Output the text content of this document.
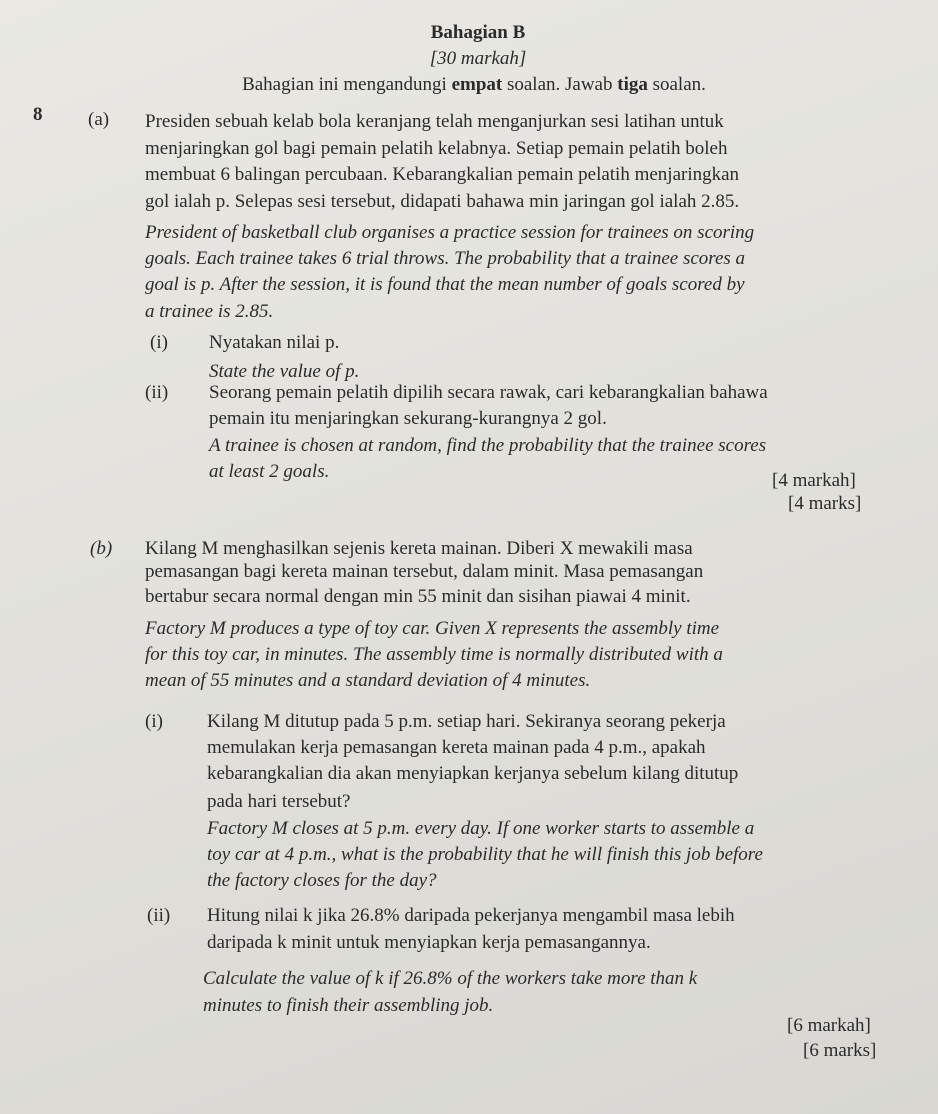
Bahagian B
[30 markah]
Bahagian ini mengandungi empat soalan. Jawab tiga soalan.
8 (a) Presiden sebuah kelab bola keranjang telah menganjurkan sesi latihan untuk
menjaringkan gol bagi pemain pelatih kelabnya. Setiap pemain pelatih boleh
membuat 6 balingan percubaan. Kebarangkalian pemain pelatih menjaringkan
gol ialah p. Selepas sesi tersebut, didapati bahawa min jaringan gol ialah 2.85.
President of basketball club organises a practice session for trainees on scoring
goals. Each trainee takes 6 trial throws. The probability that a trainee scores a
goal is p. After the session, it is found that the mean number of goals scored by
a trainee is 2.85.
(i) Nyatakan nilai p.
State the value of p.
(ii) Seorang pemain pelatih dipilih secara rawak, cari kebarangkalian bahawa
pemain itu menjaringkan sekurang-kurangnya 2 gol.
A trainee is chosen at random, find the probability that the trainee scores
at least 2 goals.	[4 markah]
[4 marks]
(b) Kilang M menghasilkan sejenis kereta mainan. Diberi X mewakili masa
pemasangan bagi kereta mainan tersebut, dalam minit. Masa pemasangan
bertabur secara normal dengan min 55 minit dan sisihan piawai 4 minit.
Factory M produces a type of toy car. Given X represents the assembly time
for this toy car, in minutes. The assembly time is normally distributed with a
mean of 55 minutes and a standard deviation of 4 minutes.
(i) Kilang M ditutup pada 5 p.m. setiap hari. Sekiranya seorang pekerja
memulakan kerja pemasangan kereta mainan pada 4 p.m., apakah
kebarangkalian dia akan menyiapkan kerjanya sebelum kilang ditutup
pada hari tersebut?
Factory M closes at 5 p.m. every day. If one worker starts to assemble a
toy car at 4 p.m., what is the probability that he will finish this job before
the factory closes for the day?
(ii) Hitung nilai k jika 26.8% daripada pekerjanya mengambil masa lebih
daripada k minit untuk menyiapkan kerja pemasangannya.
Calculate the value of k if 26.8% of the workers take more than k
minutes to finish their assembling job.
[6 markah]
[6 marks]
